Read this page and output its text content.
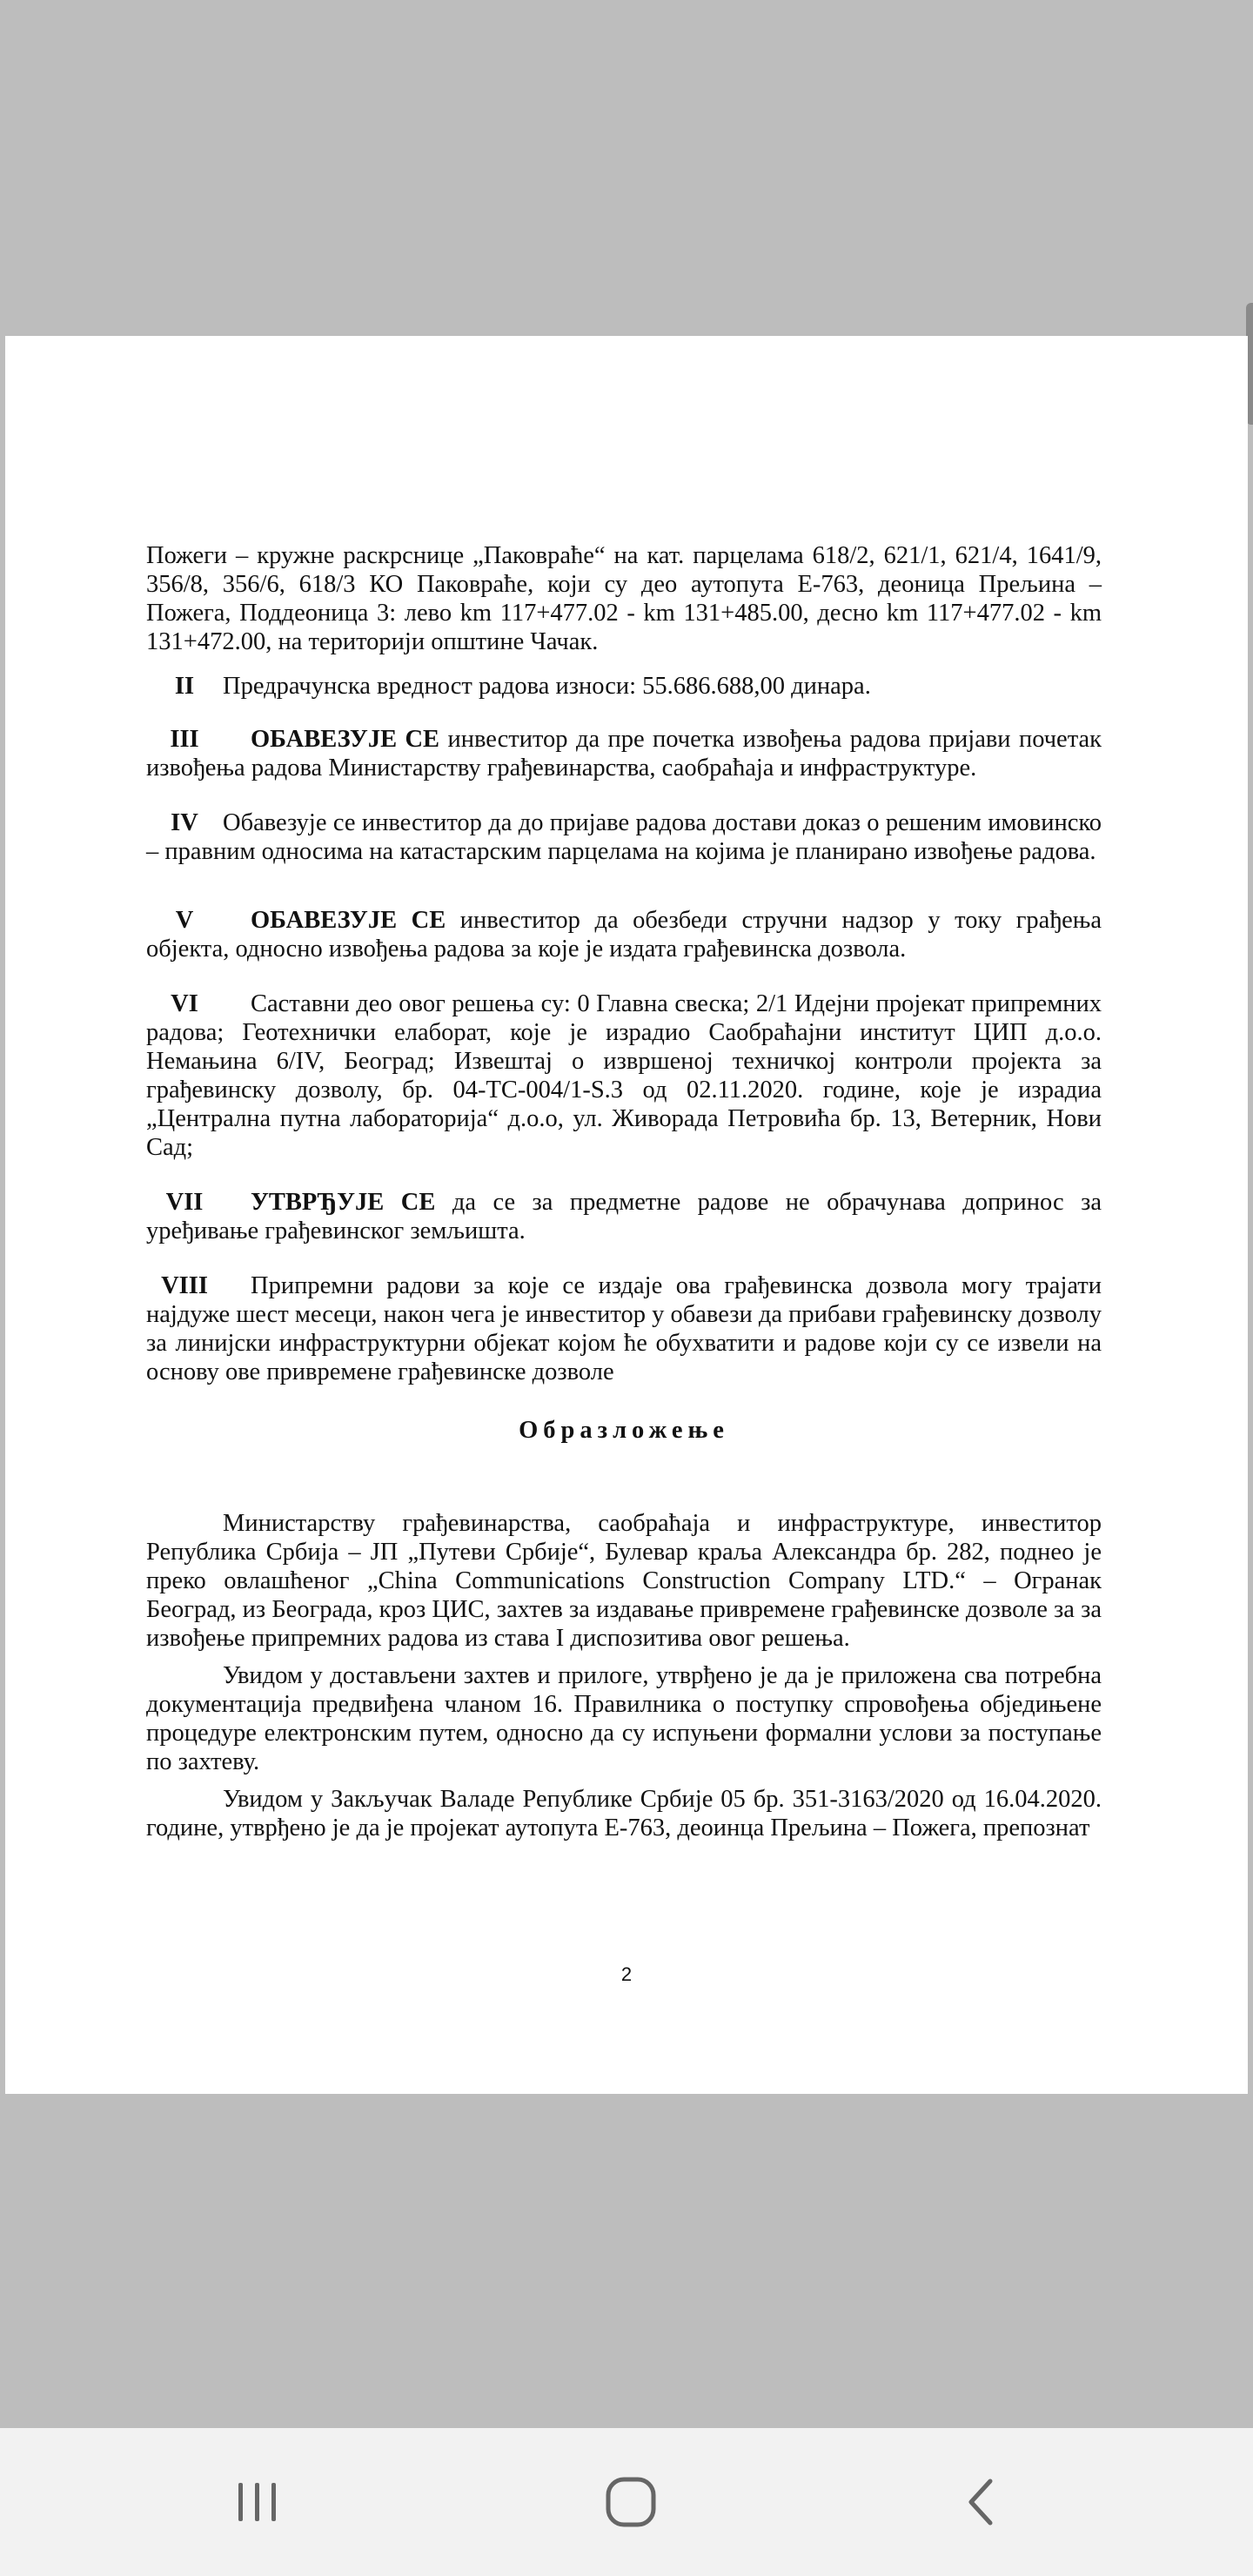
Пожеги – кружне раскрснице „Паковраће“ на кат. парцелама 618/2, 621/1, 621/4, 1641/9, 356/8, 356/6, 618/3 КО Паковраће, који су део аутопута Е-763, деоница Прељина – Пожега, Поддеоница 3: лево km 117+477.02 - km 131+485.00, десно km 117+477.02 - km 131+472.00, на територији општине Чачак.

II	Предрачунска вредност радова износи: 55.686.688,00 динара.
III	ОБАВЕЗУЈЕ СЕ инвеститор да пре почетка извођења радова пријави почетак извођења радова Министарству грађевинарства, саобраћаја и инфраструктуре.
IV Обавезује се инвеститор да до пријаве радова достави доказ о решеним имовинско – правним односима на катастарским парцелама на којима је планирано извођење радова.
V	ОБАВЕЗУЈЕ СЕ инвеститор да обезбеди стручни надзор у току грађења објекта, односно извођења радова за које је издата грађевинска дозвола.
VI	Саставни део овог решења су: 0 Главна свеска; 2/1 Идејни пројекат припремних радова; Геотехнички елаборат, које је израдио Саобраћајни институт ЦИП д.о.о. Немањина 6/IV, Београд; Извештај о извршеној техничкој контроли пројекта за грађевинску дозволу, бр. 04-ТС-004/1-S.3 од 02.11.2020. године, које је израдиа „Централна путна лабораторија“ д.о.о, ул. Живорада Петровића бр. 13, Ветерник, Нови Сад;
VII	УТВРЂУЈЕ СЕ да се за предметне радове не обрачунава допринос за уређивање грађевинског земљишта.
VIII	Припремни радови за које се издаје ова грађевинска дозвола могу трајати најдуже шест месеци, након чега је инвеститор у обавези да прибави грађевинску дозволу за линијски инфраструктурни објекат којом ће обухватити и радове који су се извели на основу ове привремене грађевинске дозволе
Образложење

Министарству грађевинарства, саобраћаја и инфраструктуре, инвеститор Република Србија – ЈП „Путеви Србије“, Булевар краља Александра бр. 282, поднео је преко овлашћеног „China Communications Construction Company LTD.“ – Огранак Београд, из Београда, кроз ЦИС, захтев за издавање привремене грађевинске дозволе за за извођење припремних радова из става I диспозитива овог решења.

Увидом у достављени захтев и прилоге, утврђено је да је приложена сва потребна документација предвиђена чланом 16. Правилника о поступку спровођења обједињене процедуре електронским путем, односно да су испуњени формални услови за поступање по захтеву.

Увидом у Закључак Валаде Републике Србије 05 бр. 351-3163/2020 од 16.04.2020. године, утврђено је да је пројекат аутопута Е-763, деоинца Прељина – Пожега, препознат

2
